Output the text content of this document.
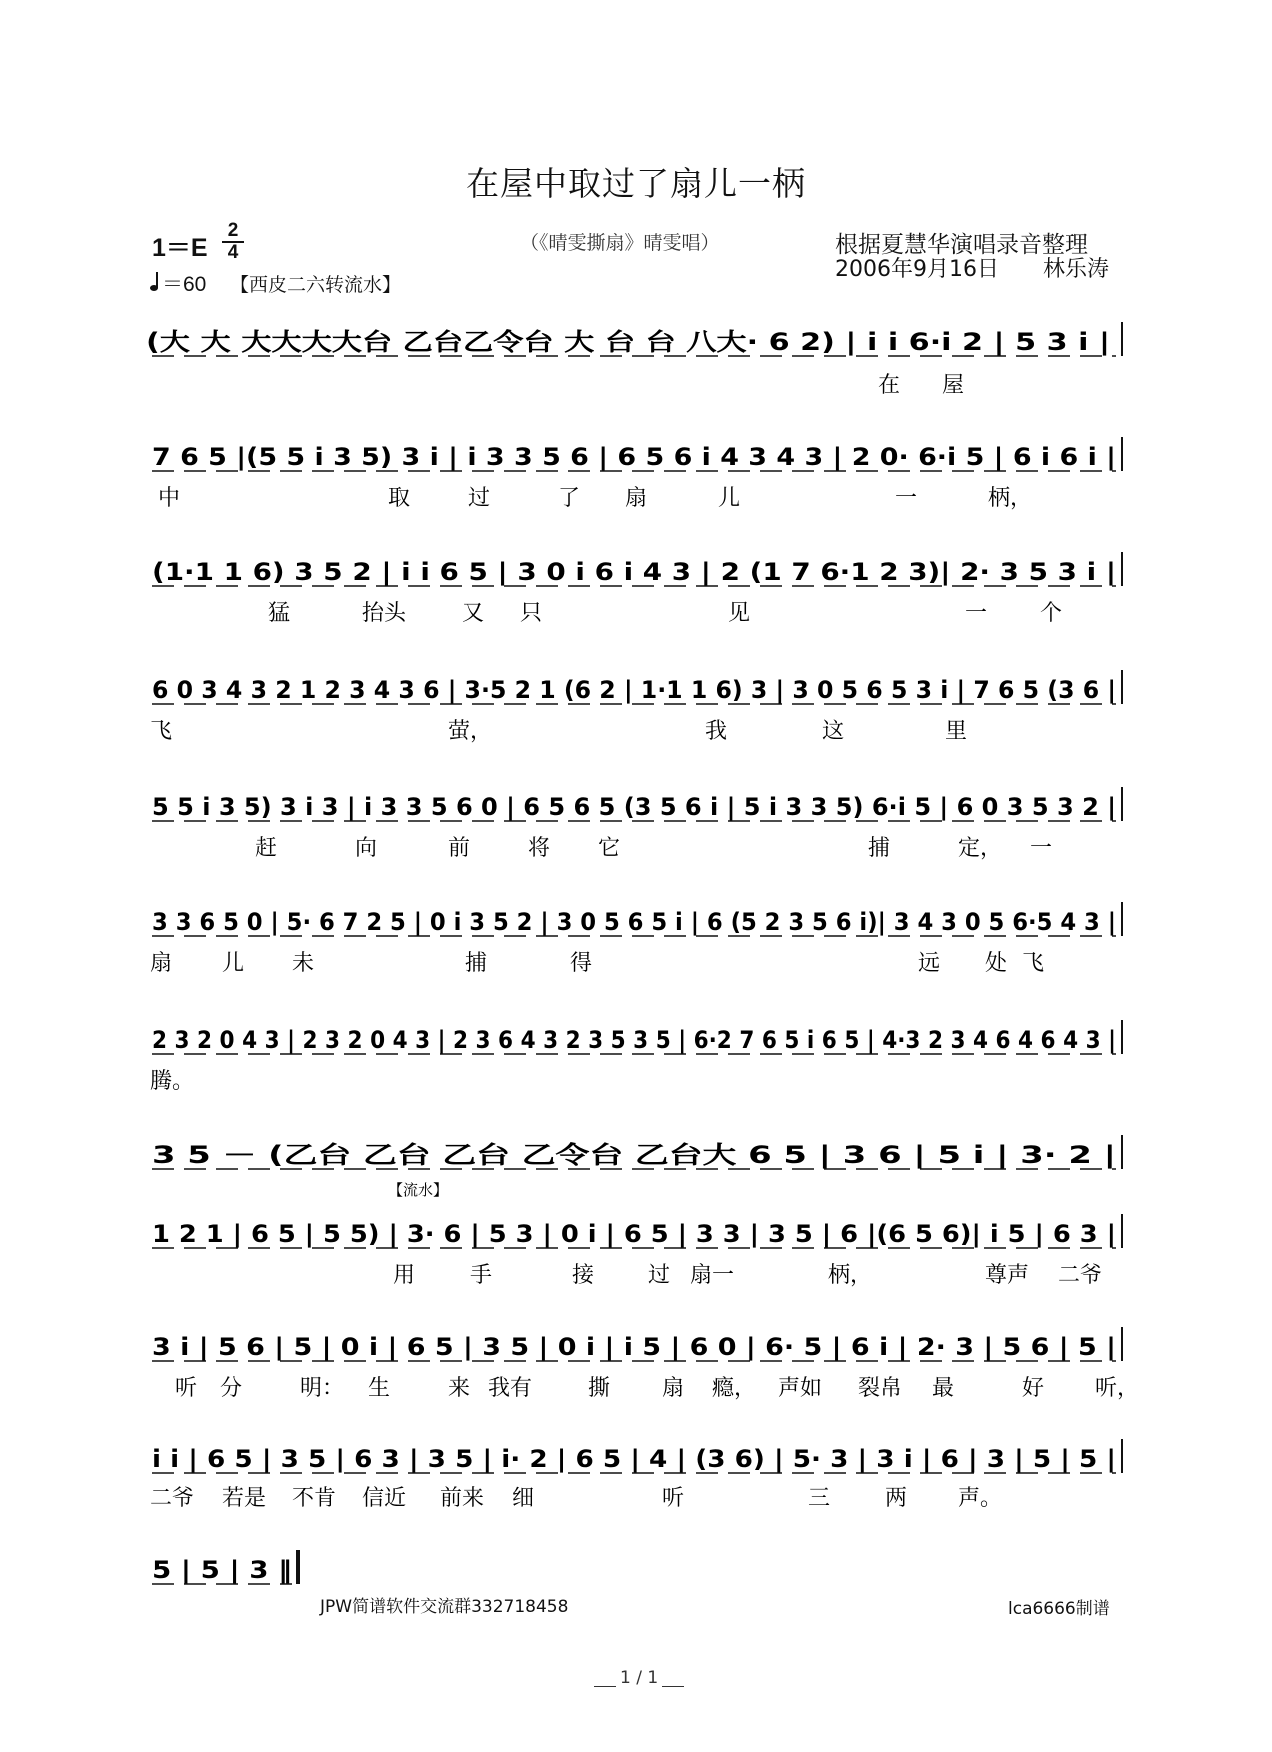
在屋中取过了扇儿一柄
1＝E
2
4
＝60 【西皮二六转流水】
（《晴雯撕扇》晴雯唱）	根据夏慧华演唱录音整理
2006年9月16日　　林乐涛
(大 大 大大大大台 乙台乙令台 大 台 台 八大· 6 2) | i i 6·i 2 | 5 3 i |
在 屋
7 6 5 |(5 5 i 3 5) 3 i | i 3 3 5 6 | 6 5 6 i 4 3 4 3 | 2 0· 6·i 5 | 6 i 6 i |
中	取	过	了 扇	儿	一	柄，
(1·1 1 6) 3 5 2 | i i 6 5 | 3 0 i 6 i 4 3 | 2 (1 7 6·1 2 3)| 2· 3 5 3 i |
猛	抬头	又 只	见	一 个
6 0 3 4 3 2 1 2 3 4 3 6 | 3·5 2 1 (6 2 | 1·1 1 6) 3 | 3 0 5 6 5 3 i | 7 6 5 (3 6 |
飞	萤，	我	这	里
5 5 i 3 5) 3 i 3 | i 3 3 5 6 0 | 6 5 6 5 (3 5 6 i | 5 i 3 3 5) 6·i 5 | 6 0 3 5 3 2 |
赶	向	前	将 它	捕	定， 一
3 3 6 5 0 | 5· 6 7 2 5 | 0 i 3 5 2 | 3 0 5 6 5 i | 6 (5 2 3 5 6 i)| 3 4 3 0 5 6·5 4 3 |
扇 儿 未	捕	得	远 处 飞
2 3 2 0 4 3 | 2 3 2 0 4 3 | 2 3 6 4 3 2 3 5 3 5 | 6·2 7 6 5 i 6 5 | 4·3 2 3 4 6 4 6 4 3 |
腾。
3 5 － (乙台 乙台 乙台 乙令台 乙台大 6 5 | 3 6 | 5 i | 3· 2 |
【流水】
1 2 1 | 6 5 | 5 5) | 3· 6 | 5 3 | 0 i | 6 5 | 3 3 | 3 5 | 6 |(6 5 6)| i 5 | 6 3 |
用 手	接 过 扇一	柄，	尊声 二爷
3 i | 5 6 | 5 | 0 i | 6 5 | 3 5 | 0 i | i 5 | 6 0 | 6· 5 | 6 i | 2· 3 | 5 6 | 5 |
听 分	明： 生	来 我有	撕 扇 瘾， 声如 裂帛 最	好 听，
i i | 6 5 | 3 5 | 6 3 | 3 5 | i· 2 | 6 5 | 4 | (3 6) | 5· 3 | 3 i | 6 | 3 | 5 | 5 |
二爷 若是 不肯 信近 前来 细	听	三 两 声。
5 | 5 | 3 ‖
JPW简谱软件交流群332718458	lca6666制谱
1 / 1
